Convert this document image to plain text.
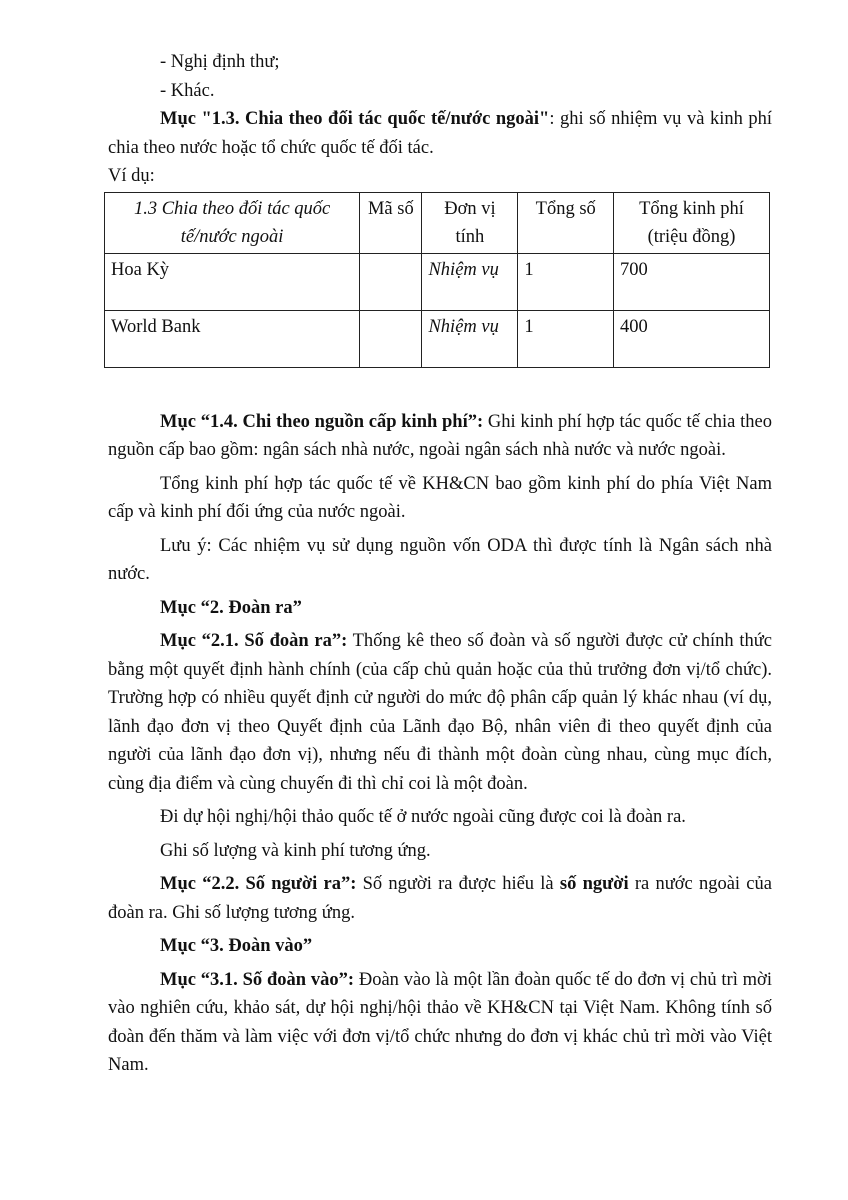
- Nghị định thư;

- Khác.

Mục "1.3. Chia theo đối tác quốc tế/nước ngoài": ghi số nhiệm vụ và kinh phí chia theo nước hoặc tổ chức quốc tế đối tác.

Ví dụ:

1.3 Chia theo đối tác quốc tế/nước ngoài	Mã số	Đơn vị tính	Tổng số	Tổng kinh phí (triệu đồng)
Hoa Kỳ		Nhiệm vụ	1	700
World Bank		Nhiệm vụ	1	400

Mục “1.4. Chi theo nguồn cấp kinh phí”: Ghi kinh phí hợp tác quốc tế chia theo nguồn cấp bao gồm: ngân sách nhà nước, ngoài ngân sách nhà nước và nước ngoài.

Tổng kinh phí hợp tác quốc tế về KH&CN bao gồm kinh phí do phía Việt Nam cấp và kinh phí đối ứng của nước ngoài.

Lưu ý: Các nhiệm vụ sử dụng nguồn vốn ODA thì được tính là Ngân sách nhà nước.

Mục “2. Đoàn ra”

Mục “2.1. Số đoàn ra”: Thống kê theo số đoàn và số người được cử chính thức bằng một quyết định hành chính (của cấp chủ quản hoặc của thủ trưởng đơn vị/tổ chức). Trường hợp có nhiều quyết định cử người do mức độ phân cấp quản lý khác nhau (ví dụ, lãnh đạo đơn vị theo Quyết định của Lãnh đạo Bộ, nhân viên đi theo quyết định của người của lãnh đạo đơn vị), nhưng nếu đi thành một đoàn cùng nhau, cùng mục đích, cùng địa điểm và cùng chuyến đi thì chỉ coi là một đoàn.

Đi dự hội nghị/hội thảo quốc tế ở nước ngoài cũng được coi là đoàn ra.

Ghi số lượng và kinh phí tương ứng.

Mục “2.2. Số người ra”: Số người ra được hiểu là số người ra nước ngoài của đoàn ra. Ghi số lượng tương ứng.

Mục “3. Đoàn vào”

Mục “3.1. Số đoàn vào”: Đoàn vào là một lần đoàn quốc tế do đơn vị chủ trì mời vào nghiên cứu, khảo sát, dự hội nghị/hội thảo về KH&CN tại Việt Nam. Không tính số đoàn đến thăm và làm việc với đơn vị/tổ chức nhưng do đơn vị khác chủ trì mời vào Việt Nam.
